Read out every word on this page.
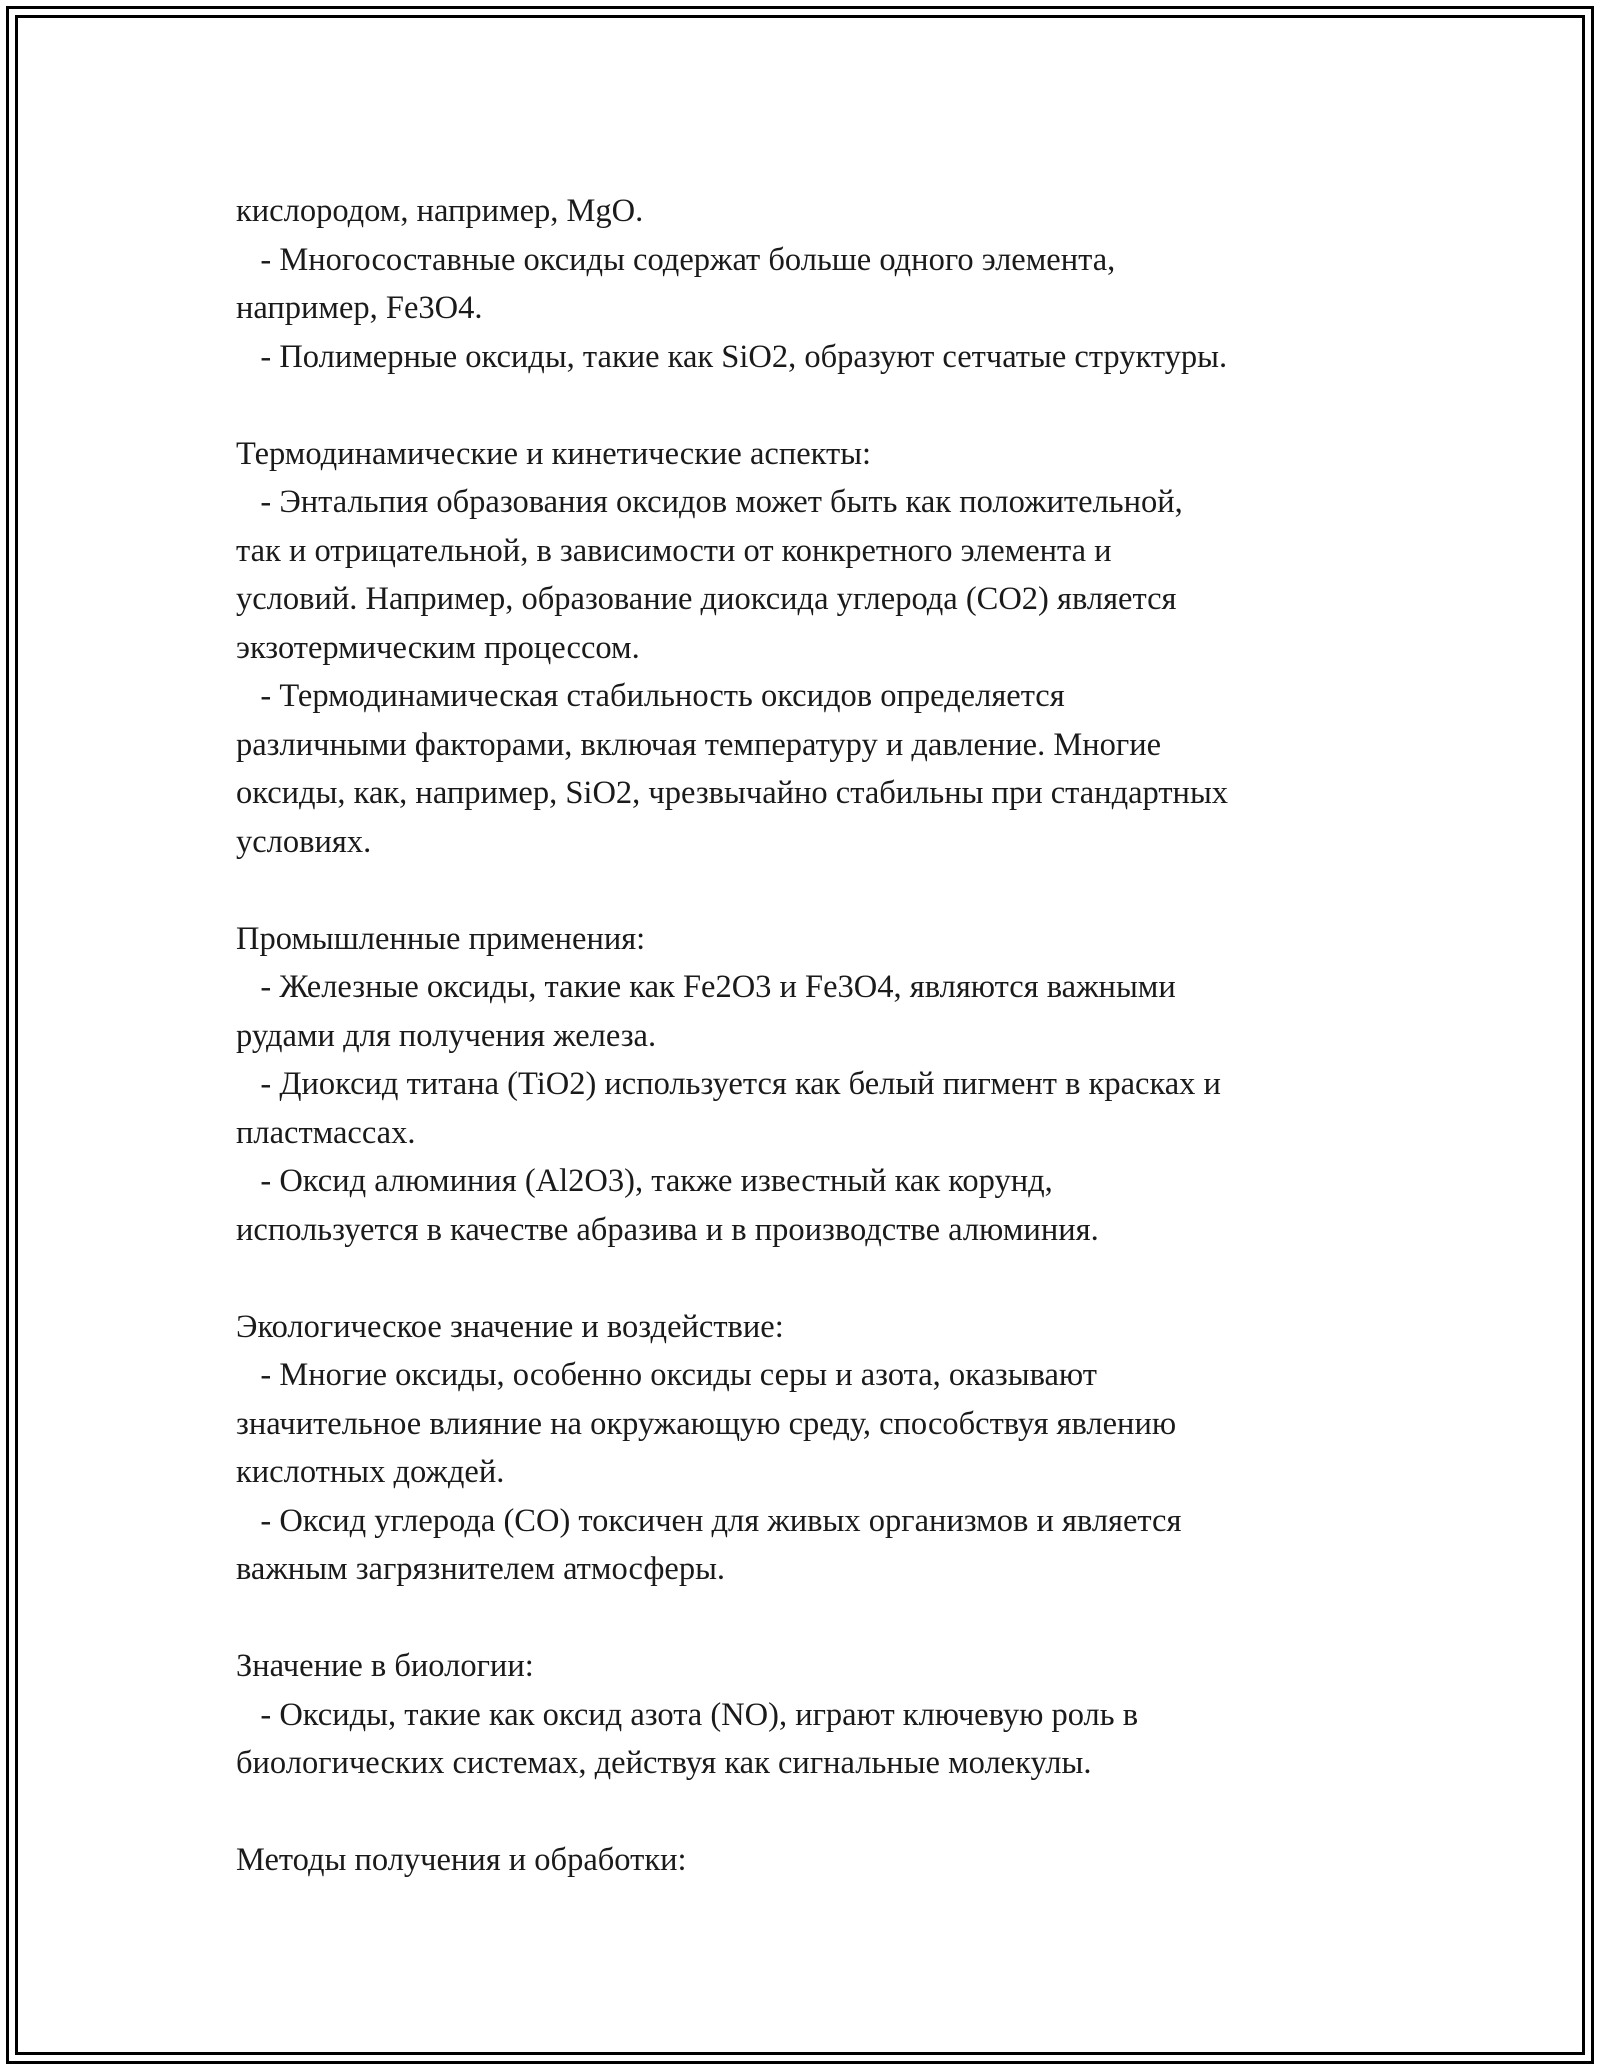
кислородом, например, MgO.
- Многосоставные оксиды содержат больше одного элемента,
например, Fe3O4.
- Полимерные оксиды, такие как SiO2, образуют сетчатые структуры.
Термодинамические и кинетические аспекты:
- Энтальпия образования оксидов может быть как положительной,
так и отрицательной, в зависимости от конкретного элемента и
условий. Например, образование диоксида углерода (CO2) является
экзотермическим процессом.
- Термодинамическая стабильность оксидов определяется
различными факторами, включая температуру и давление. Многие
оксиды, как, например, SiO2, чрезвычайно стабильны при стандартных
условиях.
Промышленные применения:
- Железные оксиды, такие как Fe2O3 и Fe3O4, являются важными
рудами для получения железа.
- Диоксид титана (TiO2) используется как белый пигмент в красках и
пластмассах.
- Оксид алюминия (Al2O3), также известный как корунд,
используется в качестве абразива и в производстве алюминия.
Экологическое значение и воздействие:
- Многие оксиды, особенно оксиды серы и азота, оказывают
значительное влияние на окружающую среду, способствуя явлению
кислотных дождей.
- Оксид углерода (CO) токсичен для живых организмов и является
важным загрязнителем атмосферы.
Значение в биологии:
- Оксиды, такие как оксид азота (NO), играют ключевую роль в
биологических системах, действуя как сигнальные молекулы.
Методы получения и обработки:
